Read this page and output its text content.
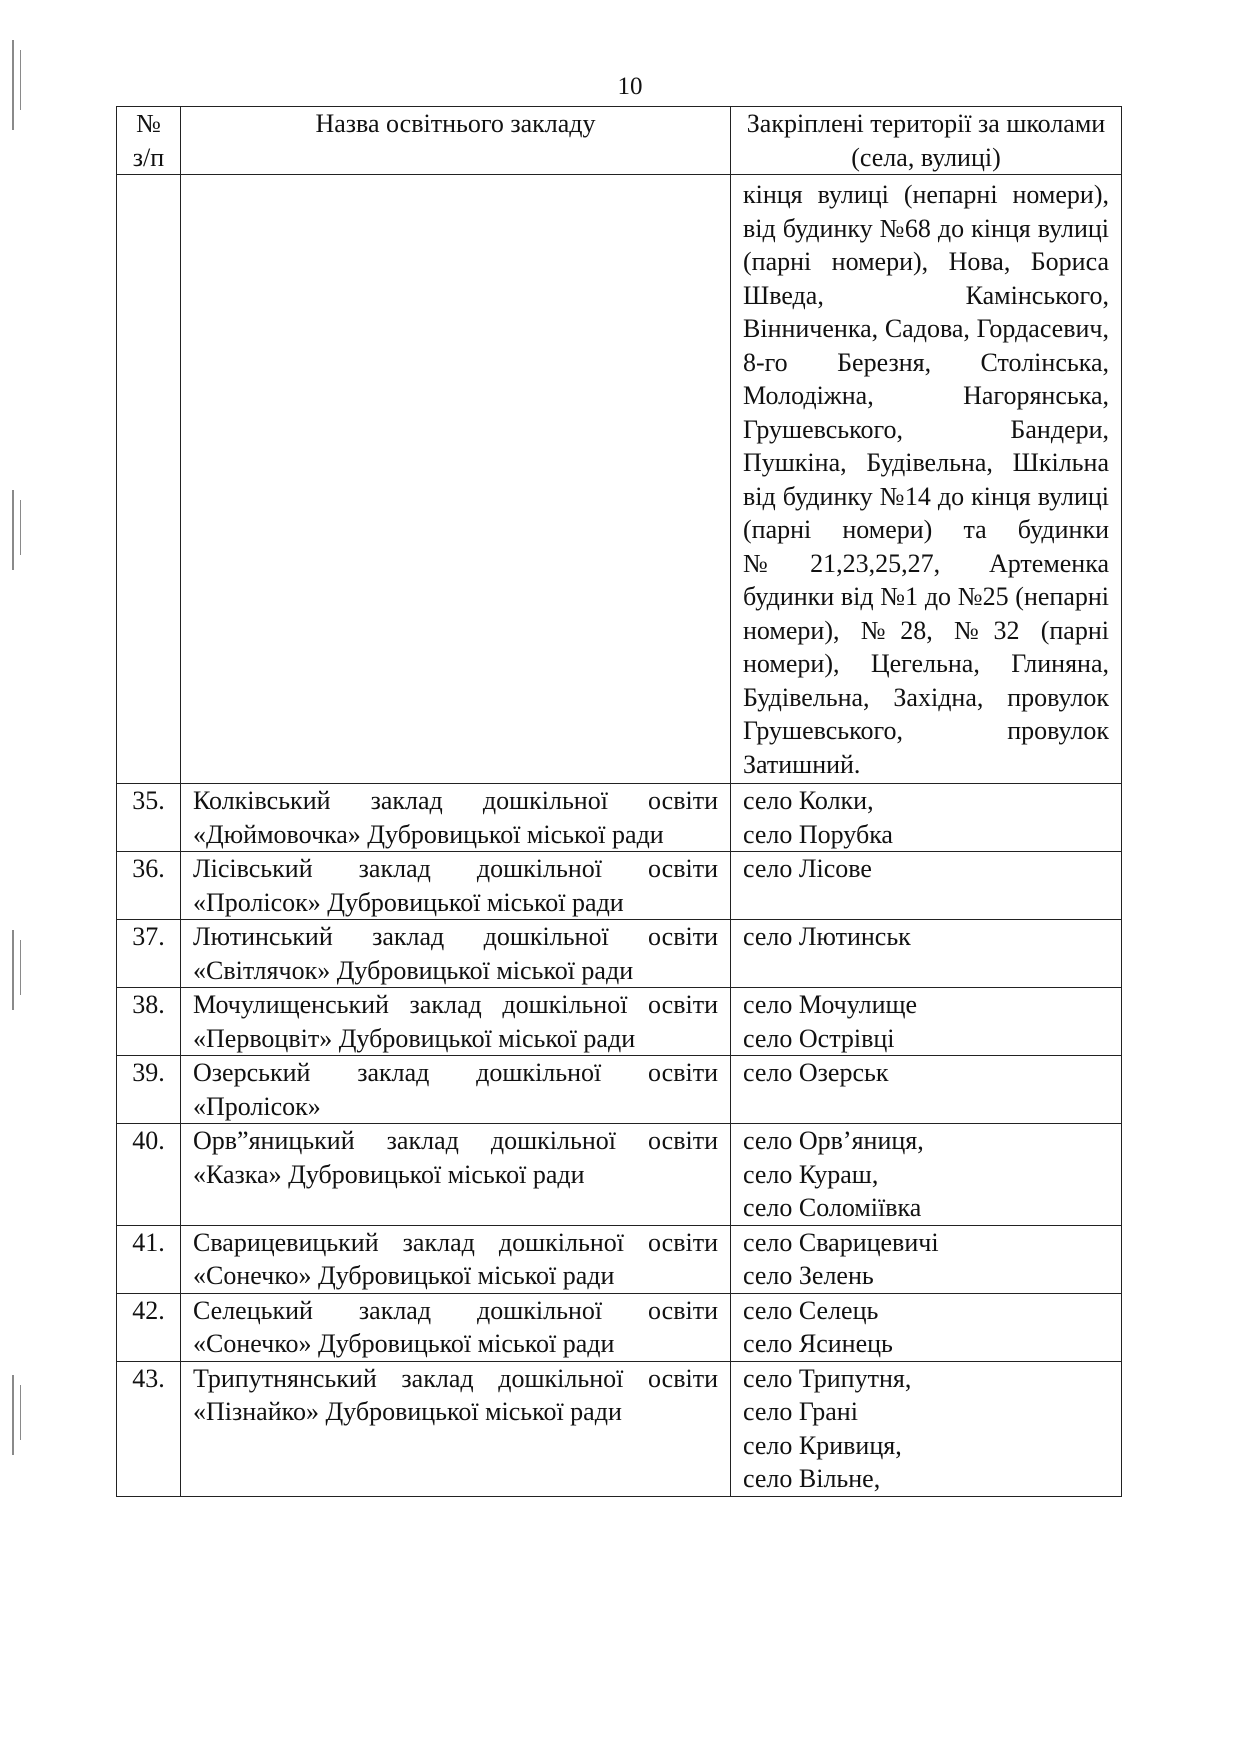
10
№ з/п	Назва освітнього закладу	Закріплені території за школами (села, вулиці)
		кінця вулиці (непарні номери), від будинку №68 до кінця вулиці (парні номери), Нова, Бориса Шведа, Камінського, Вінниченка, Садова, Гордасевич, 8-го Березня, Столінська, Молодіжна, Нагорянська, Грушевського, Бандери, Пушкіна, Будівельна, Шкільна від будинку №14 до кінця вулиці (парні номери) та будинки №21,23,25,27, Артеменка будинки від №1 до №25 (непарні номери), №28, №32 (парні номери), Цегельна, Глиняна, Будівельна, Західна, провулок Грушевського, провулок Затишний.
35.	Колківський заклад дошкільної освіти «Дюймовочка» Дубровицької міської ради	село Колки,
село Порубка

36.	Лісівський заклад дошкільної освіти «Пролісок» Дубровицької міської ради	село Лісове

37.	Лютинський заклад дошкільної освіти «Світлячок» Дубровицької міської ради	село Лютинськ

38.	Мочулищенський заклад дошкільної освіти «Первоцвіт» Дубровицької міської ради	село Мочулище
село Острівці

39.	Озерський заклад дошкільної освіти «Пролісок»	село Озерськ

40.	Орв”яницький заклад дошкільної освіти «Казка» Дубровицької міської ради	село Орв’яниця,
село Кураш,
село Соломіївка

41.	Сварицевицький заклад дошкільної освіти «Сонечко» Дубровицької міської ради	село Сварицевичі
село Зелень

42.	Селецький заклад дошкільної освіти «Сонечко» Дубровицької міської ради	село Селець
село Ясинець

43.	Трипутнянський заклад дошкільної освіти «Пізнайко» Дубровицької міської ради	село Трипутня,
село Грані
село Кривиця,
село Вільне,
